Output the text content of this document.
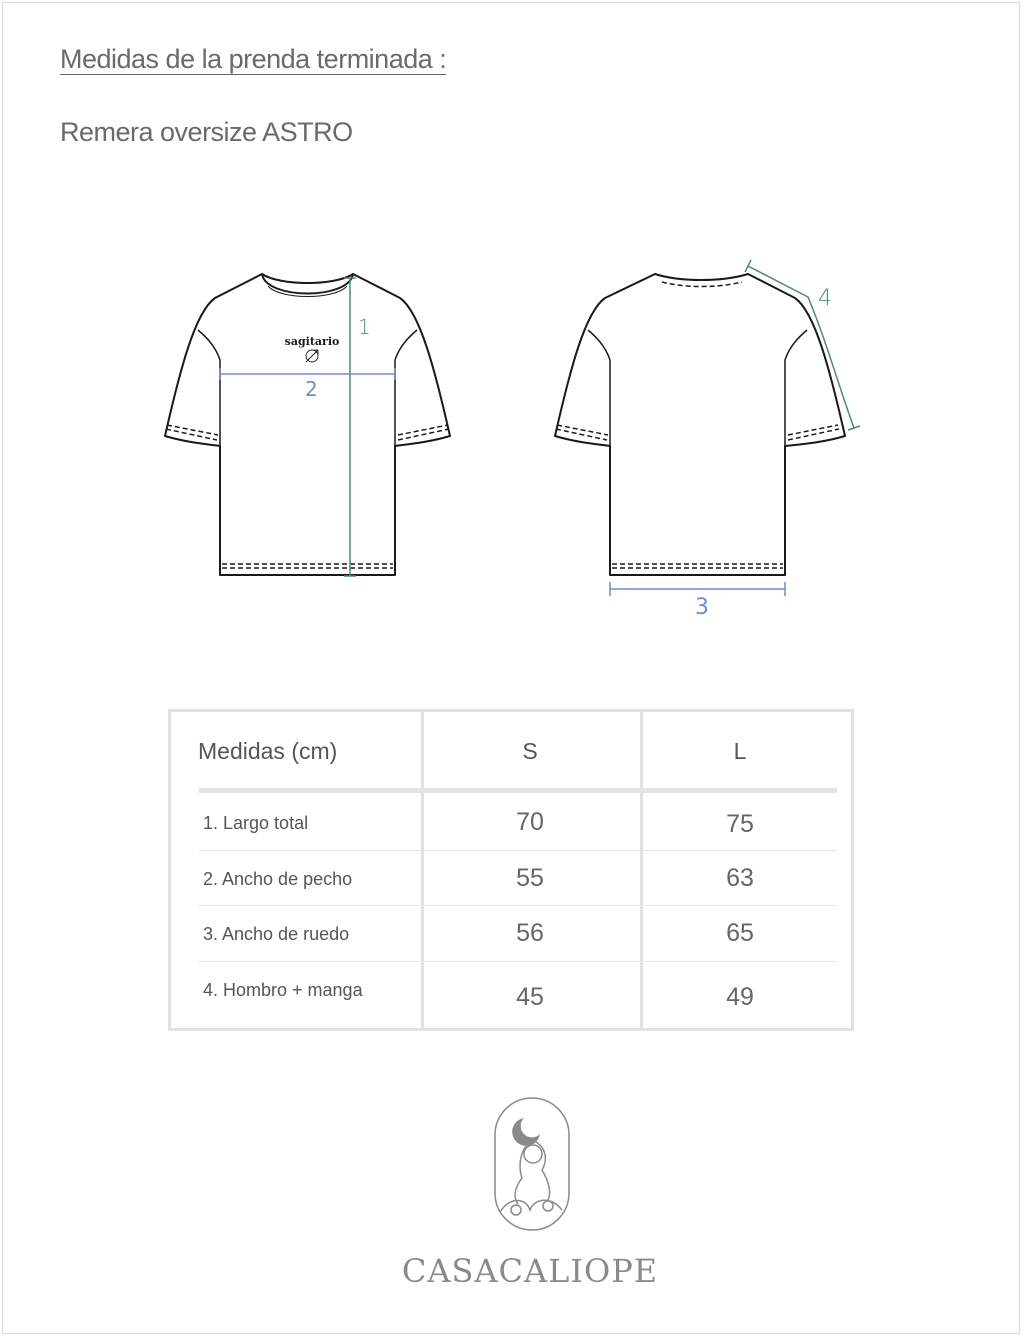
Medidas de la prenda terminada :
Remera oversize ASTRO
sagitario
1
2
3
4
Medidas (cm)	S	L
1. Largo total	70	75
2. Ancho de pecho	55	63
3. Ancho de ruedo	56	65
4. Hombro + manga	45	49
CASACALIOPE
